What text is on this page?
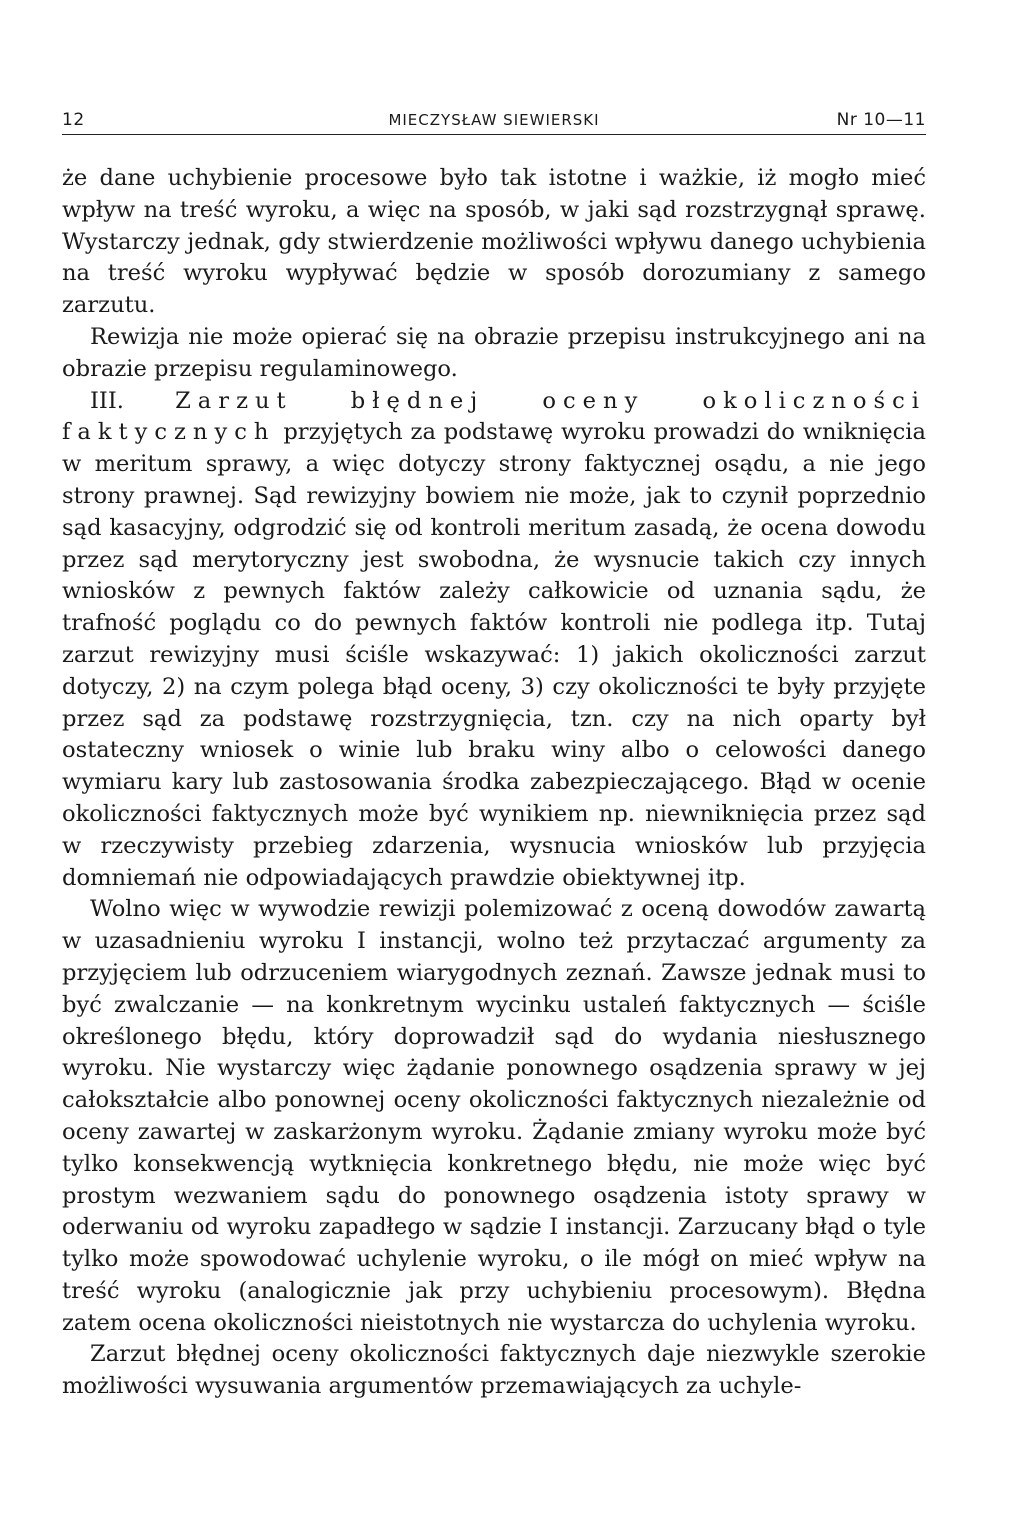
12	MIECZYSŁAW SIEWIERSKI	Nr 10—11

że dane uchybienie procesowe było tak istotne i ważkie, iż mogło mieć wpływ na treść wyroku, a więc na sposób, w jaki sąd rozstrzygnął sprawę. Wystarczy jednak, gdy stwierdzenie możliwości wpływu danego uchybienia na treść wyroku wypływać będzie w sposób dorozumiany z samego zarzutu.

Rewizja nie może opierać się na obrazie przepisu instrukcyjnego ani na obrazie przepisu regulaminowego.

III. Zarzut błędnej oceny okoliczności faktycznych przyjętych za podstawę wyroku prowadzi do wniknięcia w meritum sprawy, a więc dotyczy strony faktycznej osądu, a nie jego strony prawnej. Sąd rewizyjny bowiem nie może, jak to czynił poprzednio sąd kasacyjny, odgrodzić się od kontroli meritum zasadą, że ocena dowodu przez sąd merytoryczny jest swobodna, że wysnucie takich czy innych wniosków z pewnych faktów zależy całkowicie od uznania sądu, że trafność poglądu co do pewnych faktów kontroli nie podlega itp. Tutaj zarzut rewizyjny musi ściśle wskazywać: 1) jakich okoliczności zarzut dotyczy, 2) na czym polega błąd oceny, 3) czy okoliczności te były przyjęte przez sąd za podstawę rozstrzygnięcia, tzn. czy na nich oparty był ostateczny wniosek o winie lub braku winy albo o celowości danego wymiaru kary lub zastosowania środka zabezpieczającego. Błąd w ocenie okoliczności faktycznych może być wynikiem np. niewniknięcia przez sąd w rzeczywisty przebieg zdarzenia, wysnucia wniosków lub przyjęcia domniemań nie odpowiadających prawdzie obiektywnej itp.

Wolno więc w wywodzie rewizji polemizować z oceną dowodów zawartą w uzasadnieniu wyroku I instancji, wolno też przytaczać argumenty za przyjęciem lub odrzuceniem wiarygodnych zeznań. Zawsze jednak musi to być zwalczanie — na konkretnym wycinku ustaleń faktycznych — ściśle określonego błędu, który doprowadził sąd do wydania niesłusznego wyroku. Nie wystarczy więc żądanie ponownego osądzenia sprawy w jej całokształcie albo ponownej oceny okoliczności faktycznych niezależnie od oceny zawartej w zaskarżonym wyroku. Żądanie zmiany wyroku może być tylko konsekwencją wytknięcia konkretnego błędu, nie może więc być prostym wezwaniem sądu do ponownego osądzenia istoty sprawy w oderwaniu od wyroku zapadłego w sądzie I instancji. Zarzucany błąd o tyle tylko może spowodować uchylenie wyroku, o ile mógł on mieć wpływ na treść wyroku (analogicznie jak przy uchybieniu procesowym). Błędna zatem ocena okoliczności nieistotnych nie wystarcza do uchylenia wyroku.

Zarzut błędnej oceny okoliczności faktycznych daje niezwykle szerokie możliwości wysuwania argumentów przemawiających za uchyle-
